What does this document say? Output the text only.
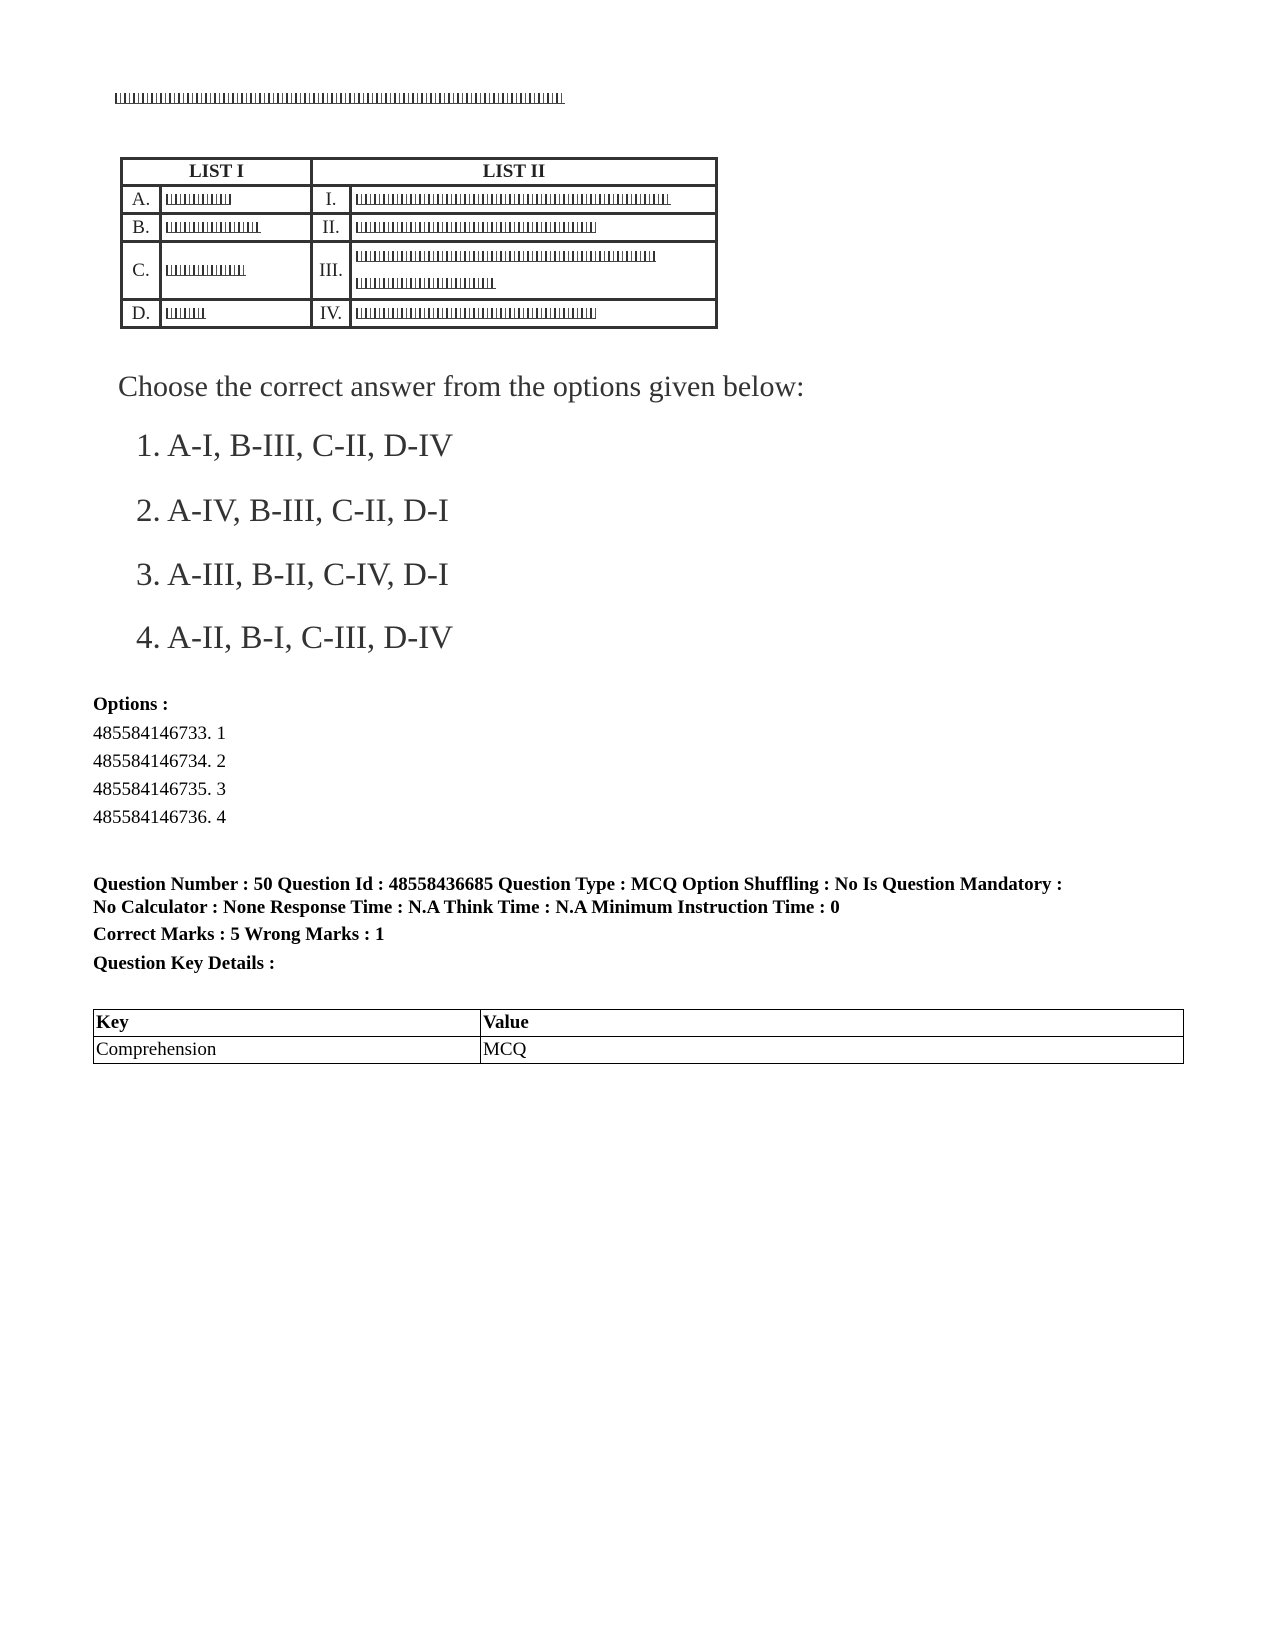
LIST I		LIST II	
A.		I.	
B.		II.	
C.		III.	

D.		IV.	
Choose the correct answer from the options given below:
1. A-I, B-III, C-II, D-IV
2. A-IV, B-III, C-II, D-I
3. A-III, B-II, C-IV, D-I
4. A-II, B-I, C-III, D-IV
Options :
485584146733. 1
485584146734. 2
485584146735. 3
485584146736. 4
Question Number : 50 Question Id : 48558436685 Question Type : MCQ Option Shuffling : No Is Question Mandatory :
No Calculator : None Response Time : N.A Think Time : N.A Minimum Instruction Time : 0
Correct Marks : 5 Wrong Marks : 1
Question Key Details :
Key	Value
Comprehension	MCQ
